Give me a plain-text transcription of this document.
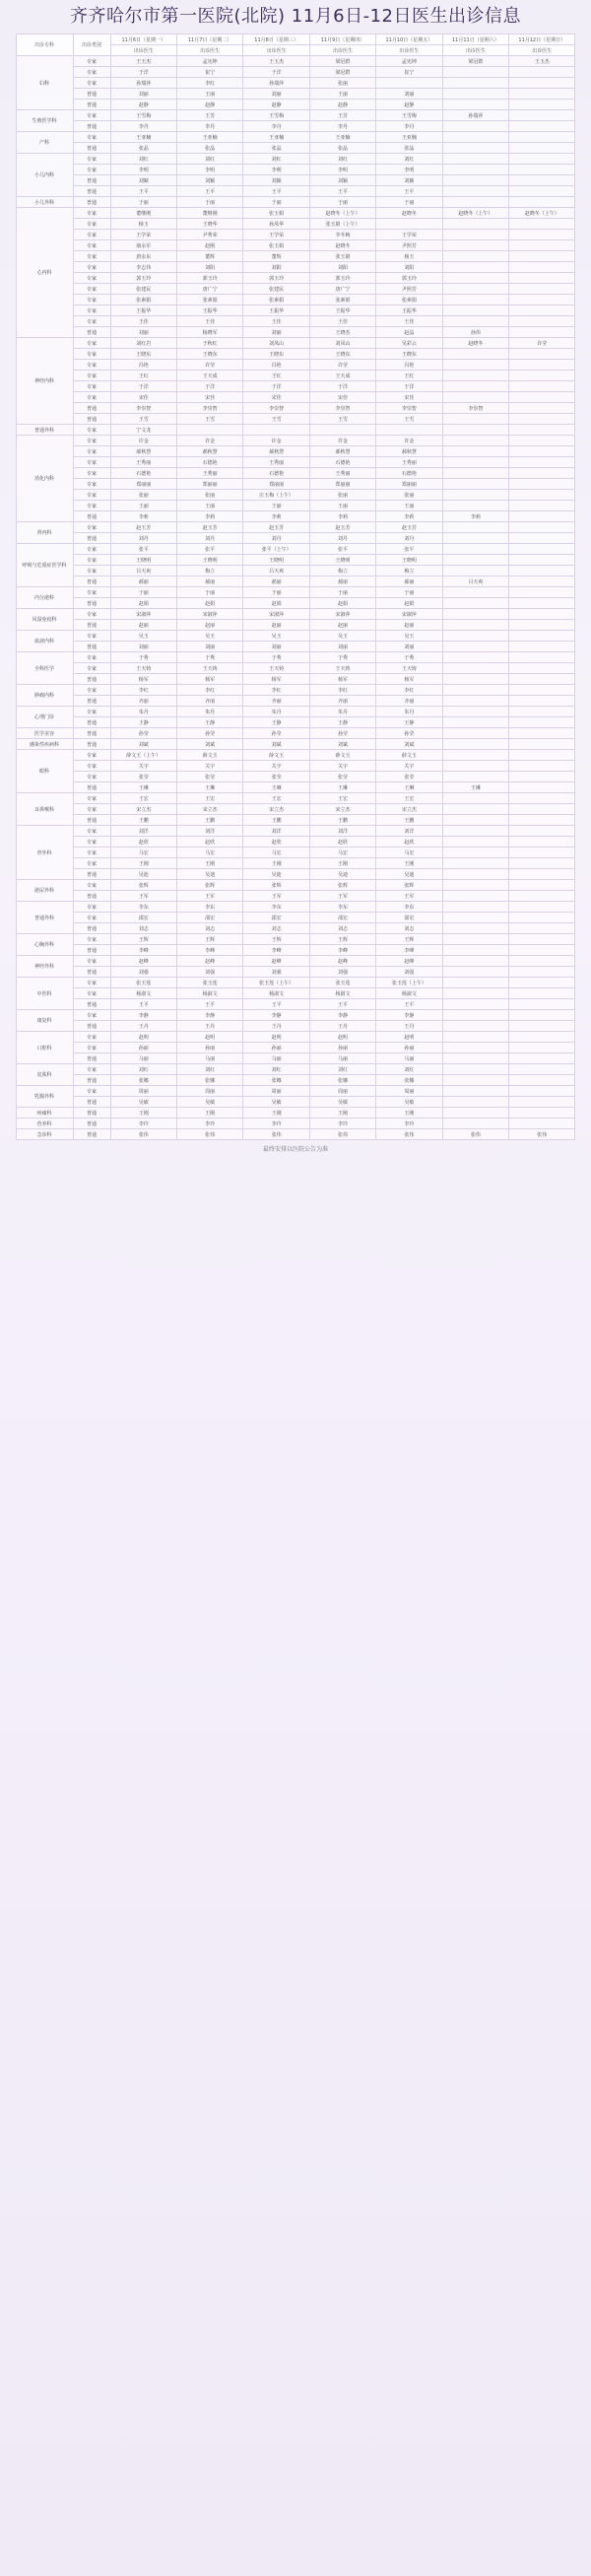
齐齐哈尔市第一医院(北院) 11月6日-12日医生出诊信息
出诊专科	出诊类别	11月6日（星期一）	11月7日（星期二）	11月8日（星期三）	11月9日（星期四）	11月10日（星期五）	11月11日（星期六）	11月12日（星期日）
		出诊医生	出诊医生	出诊医生	出诊医生	出诊医生	出诊医生	出诊医生
妇科	专家	王玉杰	孟宪坤	王玉杰	梁冠群	孟宪坤	梁冠群	王玉杰
	专家	于洋	崔宁	于洋	梁冠群	崔宁		
	专家	孙瑞萍	李红	孙瑞萍	张丽			
	普通	刘丽	王丽	刘丽	王丽	刘丽		
	普通	赵静	赵静	赵静	赵静	赵静		
生殖医学科	专家	王雪梅	王芳	王雪梅	王芳	王雪梅	孙瑞萍	
	普通	李丹	李丹	李丹	李丹	李丹		
产科	专家	王亚楠	王亚楠	王亚楠	王亚楠	王亚楠		
	普通	张晶	张晶	张晶	张晶	张晶		
小儿内科	专家	刘红	刘红	刘红	刘红	刘红		
	专家	李明	李明	李明	李明	李明		
	普通	刘颖	刘颖	刘颖	刘颖	刘颖		
	普通	王平	王平	王平	王平	王平		
小儿外科	普通	于丽	于丽	于丽	于丽	于丽		
心内科	专家	董继刚	董继刚	张玉娟	赵晓冬（上午）	赵晓冬	赵晓冬（上午）	赵晓冬（上午）
	专家	杨玉	王晓华	孙凤华	张玉娟（上午）			
	专家	王学荣	尹秀荣	王学荣	李冬梅	王学荣		
	专家	康永军	赵刚	张玉娟	赵晓冬	尹照芳		
	专家	唐永东	董辉	董辉	张玉娟	杨玉		
	专家	李志伟	刘阳	刘阳	刘阳	刘阳		
	专家	郭玉玲	郭玉玲	郭玉玲	郭玉玲	郭玉玲		
	专家	张建民	唐广宁	张建民	唐广宁	尹照芳		
	专家	张素娟	张素娟	张素娟	张素娟	张素娟		
	专家	王振华	王振华	王振华	王振华	王振华		
	专家	王佳	王佳	王佳	王佳	王佳		
	普通	刘丽	杨晓军	刘丽	王晓杰	赵晶	孙伟	
神经内科	专家	刘红岩	于秋红	刘凤山	刘凤山	吴彩云	赵晓冬	许莹
	专家	王晓东	王晓东	王晓东	王晓东	王晓东		
	专家	冯艳	许莹	冯艳	许莹	冯艳		
	专家	王红	王天成	王红	王天成	王红		
	专家	于洋	于洋	于洋	于洋	于洋		
	专家	宋佳	宋佳	宋佳	宋佳	宋佳		
	普通	李崇智	李崇智	李崇智	李崇智	李崇智	李崇智	
	普通	王雪	王雪	王雪	王雪	王雪		
普通外科	专家	宁文龙						
消化内科	专家	许金	许金	许金	许金	许金		
	专家	郝秋慧	郝秋慧	郝秋慧	郝秋慧	郝秋慧		
	专家	王秀丽	石德艳	王秀丽	石德艳	王秀丽		
	专家	石德艳	王秀丽	石德艳	王秀丽	石德艳		
	专家	郑丽丽	郑丽丽	郑丽丽	郑丽丽	郑丽丽		
	专家	张丽	张丽	庄玉梅（上午）	张丽	张丽		
	专家	王丽	王丽	王丽	王丽	王丽		
	普通	李莉	李莉	李莉	李莉	李莉	李莉	
肾内科	专家	赵玉芳	赵玉芳	赵玉芳	赵玉芳	赵玉芳		
	普通	刘丹	刘丹	刘丹	刘丹	刘丹		
呼吸与危重症医学科	专家	张平	张平	张平（上午）	张平	张平		
	专家	王晓明	王晓明	王晓明	王晓明	王晓明		
	专家	吕天爽	梅立	吕天爽	梅立	梅立		
	普通	郝丽	郝丽	郝丽	郝丽	郝丽	吕天爽	
内分泌科	专家	于丽	于丽	于丽	于丽	于丽		
	普通	赵娟	赵娟	赵娟	赵娟	赵娟		
风湿免疫科	专家	宋淑萍	宋淑萍	宋淑萍	宋淑萍	宋淑萍		
	普通	赵丽	赵丽	赵丽	赵丽	赵丽		
血液内科	专家	吴玉	吴玉	吴玉	吴玉	吴玉		
	普通	刘丽	刘丽	刘丽	刘丽	刘丽		
全科医学	专家	于秀	于秀	于秀	于秀	于秀		
	专家	王天铸	王天铸	王天铸	王天铸	王天铸		
	普通	杨军	杨军	杨军	杨军	杨军		
肿瘤内科	专家	李红	李红	李红	李红	李红		
	普通	齐丽	齐丽	齐丽	齐丽	齐丽		
心理门诊	专家	朱丹	朱丹	朱丹	朱丹	朱丹		
	普通	王静	王静	王静	王静	王静		
医学美容	普通	孙莹	孙莹	孙莹	孙莹	孙莹		
感染性疾病科	普通	刘斌	刘斌	刘斌	刘斌	刘斌		
眼科	专家	薛文玉（上午）	薛文玉	薛文玉	薛文玉	薛文玉		
	专家	关宇	关宇	关宇	关宇	关宇		
	专家	张莹	张莹	张莹	张莹	张莹		
	普通	王琳	王琳	王琳	王琳	王琳	王琳	
耳鼻喉科	专家	王宏	王宏	王宏	王宏	王宏		
	专家	宋立杰	宋立杰	宋立杰	宋立杰	宋立杰		
	普通	王鹏	王鹏	王鹏	王鹏	王鹏		
骨外科	专家	刘洋	刘洋	刘洋	刘洋	刘洋		
	专家	赵欣	赵欣	赵欣	赵欣	赵欣		
	专家	马宏	马宏	马宏	马宏	马宏		
	专家	王刚	王刚	王刚	王刚	王刚		
	普通	吴迪	吴迪	吴迪	吴迪	吴迪		
泌尿外科	专家	张辉	张辉	张辉	张辉	张辉		
	普通	王军	王军	王军	王军	王军		
普通外科	专家	李东	李东	李东	李东	李东		
	专家	邵宏	邵宏	邵宏	邵宏	邵宏		
	普通	刘志	刘志	刘志	刘志	刘志		
心胸外科	专家	王辉	王辉	王辉	王辉	王辉		
	普通	李峰	李峰	李峰	李峰	李峰		
神经外科	专家	赵峰	赵峰	赵峰	赵峰	赵峰		
	普通	刘强	刘强	刘强	刘强	刘强		
中医科	专家	张玉莲	张玉莲	张玉莲（上午）	张玉莲	张玉莲（上午）		
	专家	杨淑文	杨淑文	杨淑文	杨淑文	杨淑文		
	普通	王平	王平	王平	王平	王平		
康复科	专家	李静	李静	李静	李静	李静		
	普通	王丹	王丹	王丹	王丹	王丹		
口腔科	专家	赵明	赵明	赵明	赵明	赵明		
	专家	孙丽	孙丽	孙丽	孙丽	孙丽		
	普通	马丽	马丽	马丽	马丽	马丽		
皮肤科	专家	刘红	刘红	刘红	刘红	刘红		
	普通	张娜	张娜	张娜	张娜	张娜		
乳腺外科	专家	周丽	周丽	周丽	周丽	周丽		
	普通	吴敏	吴敏	吴敏	吴敏	吴敏		
疼痛科	普通	王刚	王刚	王刚	王刚	王刚		
营养科	普通	李玲	李玲	李玲	李玲	李玲		
急诊科	普通	张伟	张伟	张伟	张伟	张伟	张伟	张伟
最终安排以医院公告为准
